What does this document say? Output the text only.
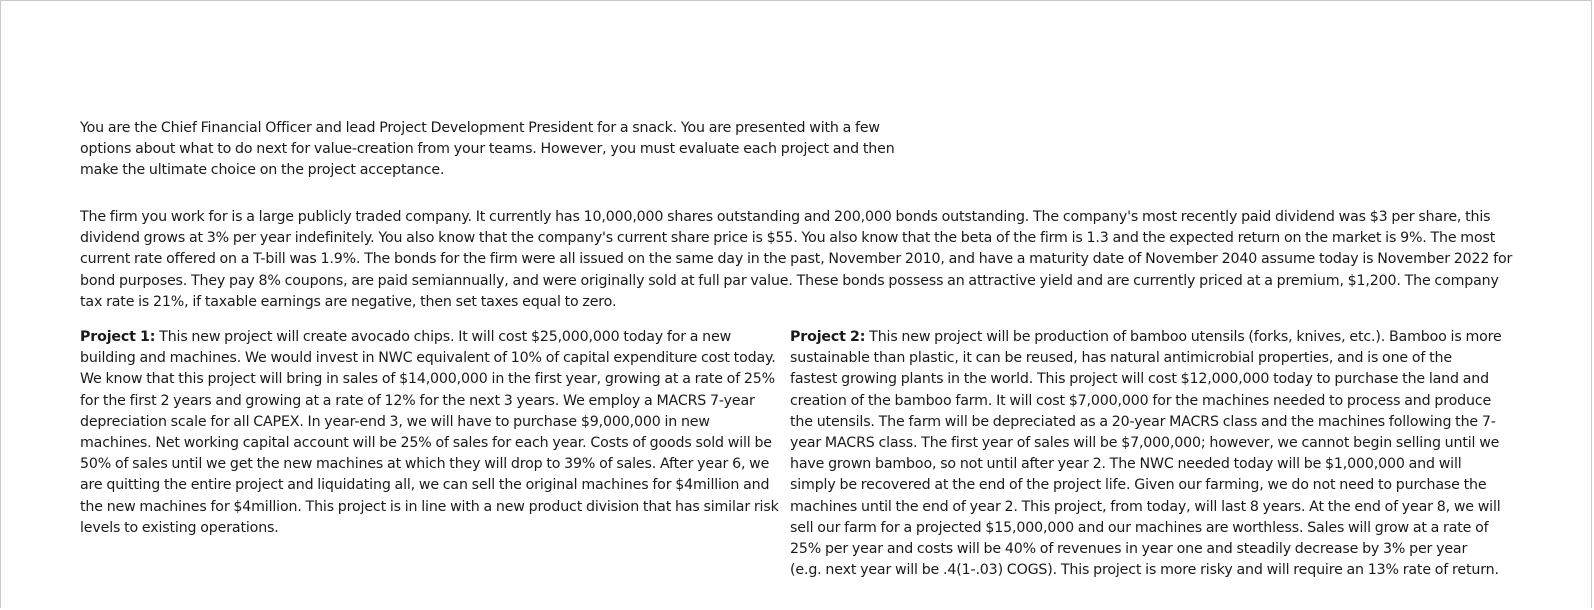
You are the Chief Financial Officer and lead Project Development President for a snack. You are presented with a few options about what to do next for value-creation from your teams. However, you must evaluate each project and then make the ultimate choice on the project acceptance.

The firm you work for is a large publicly traded company. It currently has 10,000,000 shares outstanding and 200,000 bonds outstanding. The company's most recently paid dividend was $3 per share, this dividend grows at 3% per year indefinitely. You also know that the company's current share price is $55. You also know that the beta of the firm is 1.3 and the expected return on the market is 9%. The most current rate offered on a T-bill was 1.9%. The bonds for the firm were all issued on the same day in the past, November 2010, and have a maturity date of November 2040 assume today is November 2022 for bond purposes. They pay 8% coupons, are paid semiannually, and were originally sold at full par value. These bonds possess an attractive yield and are currently priced at a premium, $1,200. The company tax rate is 21%, if taxable earnings are negative, then set taxes equal to zero.

Project 1: This new project will create avocado chips. It will cost $25,000,000 today for a new building and machines. We would invest in NWC equivalent of 10% of capital expenditure cost today. We know that this project will bring in sales of $14,000,000 in the first year, growing at a rate of 25% for the first 2 years and growing at a rate of 12% for the next 3 years. We employ a MACRS 7-year depreciation scale for all CAPEX. In year-end 3, we will have to purchase $9,000,000 in new machines. Net working capital account will be 25% of sales for each year. Costs of goods sold will be 50% of sales until we get the new machines at which they will drop to 39% of sales. After year 6, we are quitting the entire project and liquidating all, we can sell the original machines for $4million and the new machines for $4million. This project is in line with a new product division that has similar risk levels to existing operations.

Project 2: This new project will be production of bamboo utensils (forks, knives, etc.). Bamboo is more sustainable than plastic, it can be reused, has natural antimicrobial properties, and is one of the fastest growing plants in the world. This project will cost $12,000,000 today to purchase the land and creation of the bamboo farm. It will cost $7,000,000 for the machines needed to process and produce the utensils. The farm will be depreciated as a 20-year MACRS class and the machines following the 7-year MACRS class. The first year of sales will be $7,000,000; however, we cannot begin selling until we have grown bamboo, so not until after year 2. The NWC needed today will be $1,000,000 and will simply be recovered at the end of the project life. Given our farming, we do not need to purchase the machines until the end of year 2. This project, from today, will last 8 years. At the end of year 8, we will sell our farm for a projected $15,000,000 and our machines are worthless. Sales will grow at a rate of 25% per year and costs will be 40% of revenues in year one and steadily decrease by 3% per year (e.g. next year will be .4(1-.03) COGS). This project is more risky and will require an 13% rate of return.
